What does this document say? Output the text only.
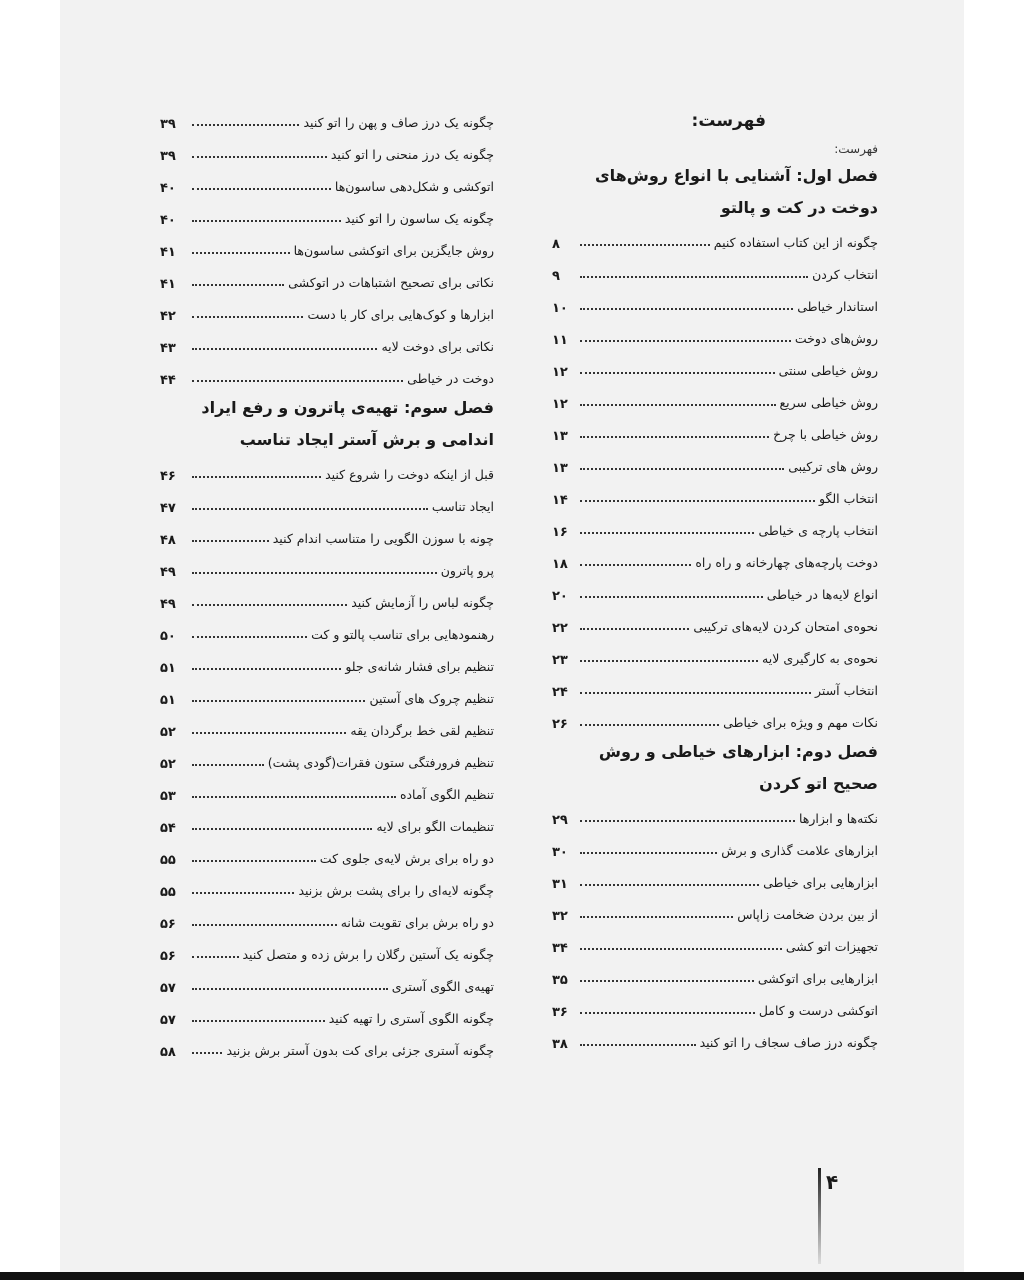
فهرست:
فهرست:
فصل اول: آشنایی با انواع روش‌های دوخت در کت و پالتو
چگونه از این کتاب استفاده کنیم
۸
انتخاب کردن
۹
استاندار خیاطی
۱۰
روش‌های دوخت
۱۱
روش خیاطی سنتی
۱۲
روش خیاطی سریع
۱۲
روش خیاطی با چرخ
۱۳
روش های ترکیبی
۱۳
انتخاب الگو
۱۴
انتخاب پارچه ی خیاطی
۱۶
دوخت پارچه‌های چهارخانه و راه راه
۱۸
انواع لایه‌ها در خیاطی
۲۰
نحوه‌ی امتحان کردن لایه‌های ترکیبی
۲۲
نحوه‌ی به کارگیری لایه
۲۳
انتخاب آستر
۲۴
نکات مهم و ویژه برای خیاطی
۲۶
فصل دوم: ابزارهای خیاطی و روش صحیح اتو کردن
نکته‌ها و ابزارها
۲۹
ابزارهای علامت گذاری و برش
۳۰
ابزارهایی برای خیاطی
۳۱
از بین بردن ضخامت زاپاس
۳۲
تجهیزات اتو کشی
۳۴
ابزارهایی برای اتوکشی
۳۵
اتوکشی درست و کامل
۳۶
چگونه درز صاف سجاف را اتو کنید
۳۸
چگونه یک درز صاف و پهن را اتو کنید
۳۹
چگونه یک درز منحنی را اتو کنید
۳۹
اتوکشی و شکل‌دهی ساسون‌ها
۴۰
چگونه یک ساسون را اتو کنید
۴۰
روش جایگزین برای اتوکشی ساسون‌ها
۴۱
نکاتی برای تصحیح اشتباهات در اتوکشی
۴۱
ابزارها و کوک‌هایی برای کار با دست
۴۲
نکاتی برای دوخت لایه
۴۳
دوخت در خیاطی
۴۴
فصل سوم: تهیه‌ی پاترون و رفع ایراد اندامی و برش آستر ایجاد تناسب
قبل از اینکه دوخت را شروع کنید
۴۶
ایجاد تناسب
۴۷
چونه با سوزن الگویی را متناسب اندام کنید
۴۸
پرو پاترون
۴۹
چگونه لباس را آزمایش کنید
۴۹
رهنمودهایی برای تناسب پالتو و کت
۵۰
تنظیم برای فشار شانه‌ی جلو
۵۱
تنظیم چروک های آستین
۵۱
تنظیم لقی خط برگردان یقه
۵۲
تنظیم فرورفتگی ستون فقرات(گودی پشت)
۵۲
تنظیم الگوی آماده
۵۳
تنظیمات الگو برای لایه
۵۴
دو راه برای برش لایه‌ی جلوی کت
۵۵
چگونه لایه‌ای را برای پشت برش بزنید
۵۵
دو راه برش برای تقویت شانه
۵۶
چگونه یک آستین رگلان را برش زده و متصل کنید
۵۶
تهیه‌ی الگوی آستری
۵۷
چگونه الگوی آستری را تهیه کنید
۵۷
چگونه آستری جزئی برای کت بدون آستر برش بزنید
۵۸
۴
